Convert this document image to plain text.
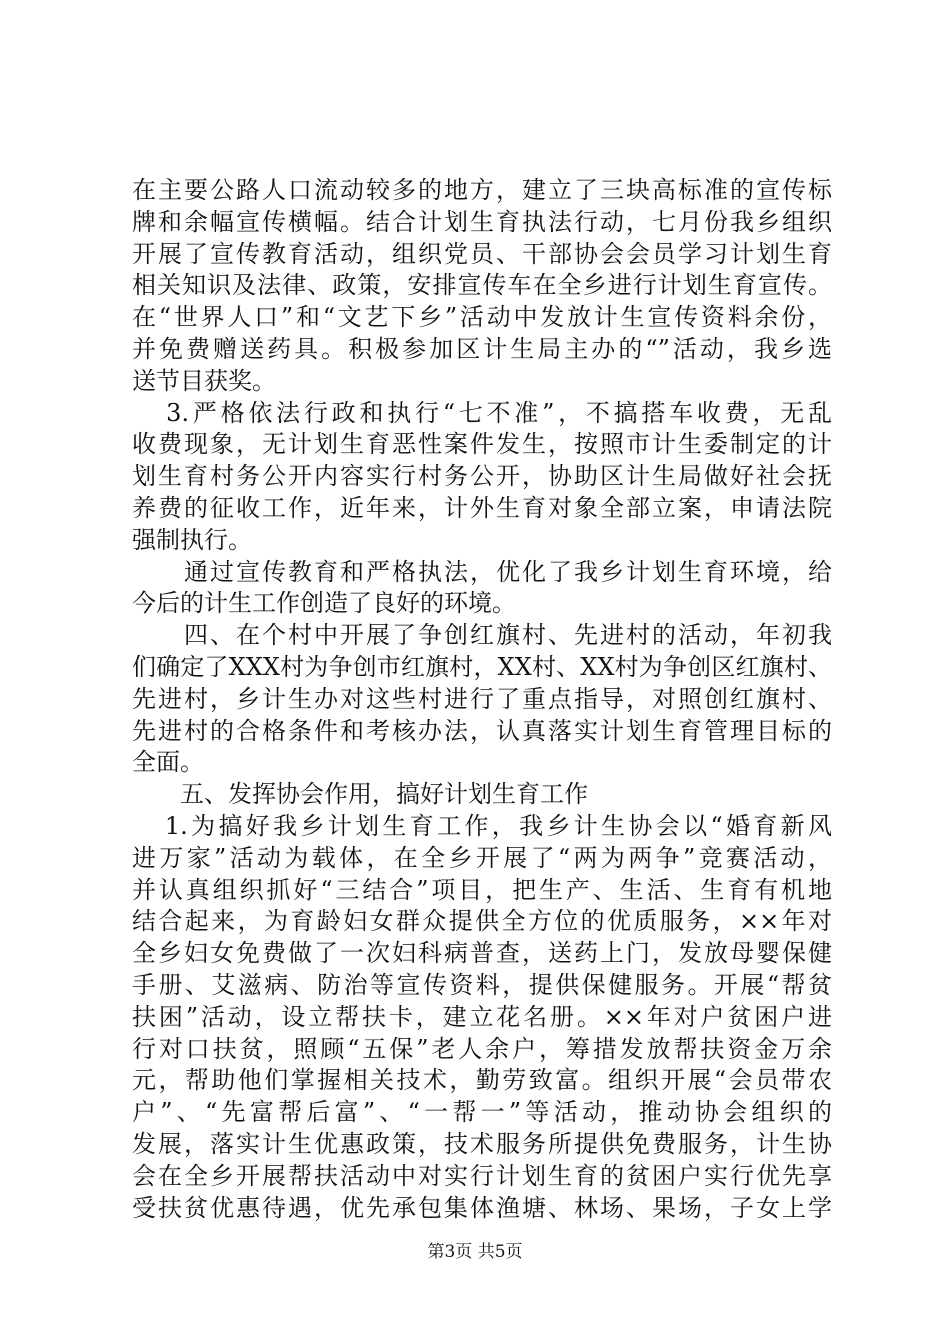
在主要公路人口流动较多的地方，建立了三块高标准的宣传标
牌和余幅宣传横幅。结合计划生育执法行动，七月份我乡组织
开展了宣传教育活动，组织党员、干部协会会员学习计划生育
相关知识及法律、政策，安排宣传车在全乡进行计划生育宣传。
在“世界人口”和“文艺下乡”活动中发放计生宣传资料余份，
并免费赠送药具。积极参加区计生局主办的“”活动，我乡选
送节目获奖。
3.严格依法行政和执行“七不准”，不搞搭车收费，无乱
收费现象，无计划生育恶性案件发生，按照市计生委制定的计
划生育村务公开内容实行村务公开，协助区计生局做好社会抚
养费的征收工作，近年来，计外生育对象全部立案，申请法院
强制执行。
　　通过宣传教育和严格执法，优化了我乡计划生育环境，给
今后的计生工作创造了良好的环境。
　　四、在个村中开展了争创红旗村、先进村的活动，年初我
们确定了XXX村为争创市红旗村，XX村、XX村为争创区红旗村、
先进村，乡计生办对这些村进行了重点指导，对照创红旗村、
先进村的合格条件和考核办法，认真落实计划生育管理目标的
全面。
　　五、发挥协会作用，搞好计划生育工作
1.为搞好我乡计划生育工作，我乡计生协会以“婚育新风
进万家”活动为载体，在全乡开展了“两为两争”竞赛活动，
并认真组织抓好“三结合”项目，把生产、生活、生育有机地
结合起来，为育龄妇女群众提供全方位的优质服务，××年对
全乡妇女免费做了一次妇科病普查，送药上门，发放母婴保健
手册、艾滋病、防治等宣传资料，提供保健服务。开展“帮贫
扶困”活动，设立帮扶卡，建立花名册。××年对户贫困户进
行对口扶贫，照顾“五保”老人余户，筹措发放帮扶资金万余
元，帮助他们掌握相关技术，勤劳致富。组织开展“会员带农
户”、“先富帮后富”、“一帮一”等活动，推动协会组织的
发展，落实计生优惠政策，技术服务所提供免费服务，计生协
会在全乡开展帮扶活动中对实行计划生育的贫困户实行优先享
受扶贫优惠待遇，优先承包集体渔塘、林场、果场，子女上学
第3页 共5页
